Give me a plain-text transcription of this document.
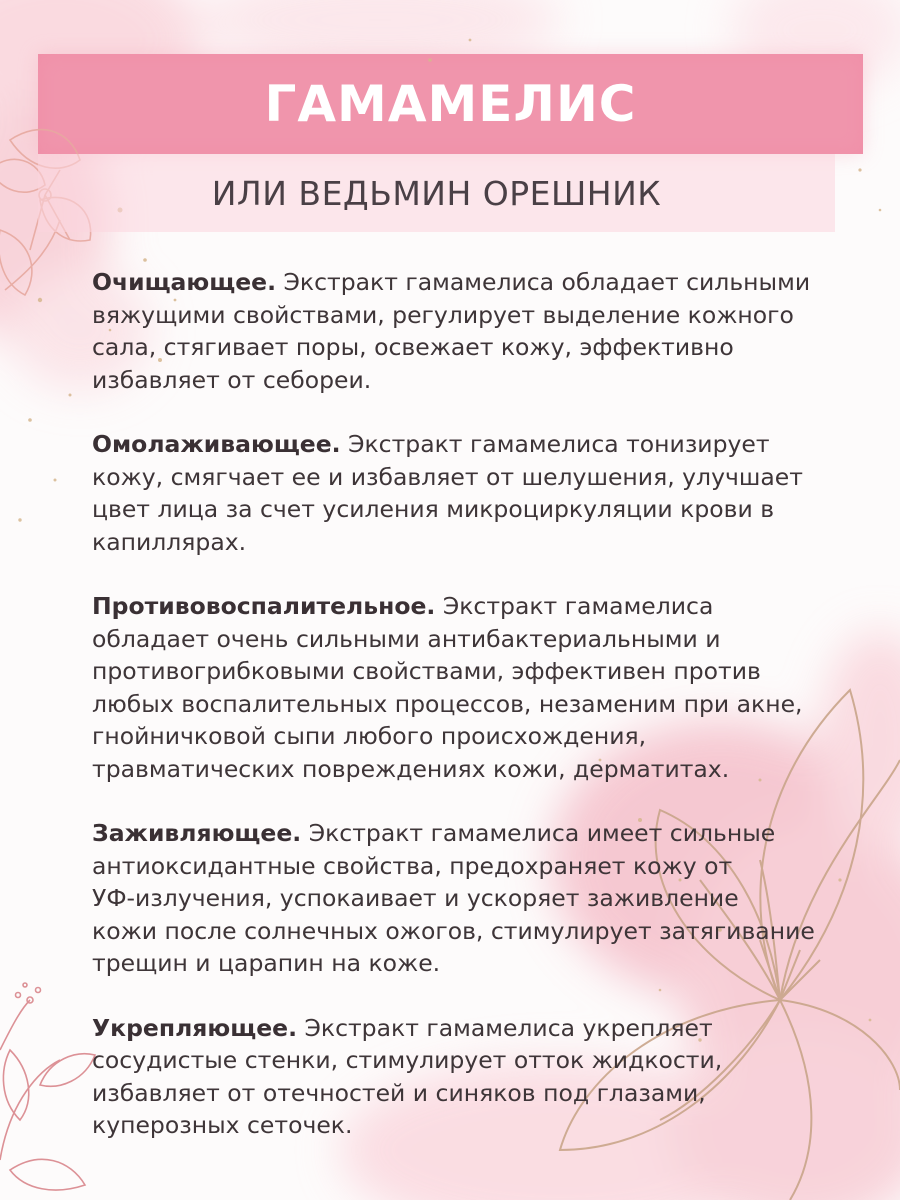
ГАМАМЕЛИС
ИЛИ ВЕДЬМИН ОРЕШНИК

Очищающее. Экстракт гамамелиса обладает сильными
вяжущими свойствами, регулирует выделение кожного
сала, стягивает поры, освежает кожу, эффективно
избавляет от себореи.

Омолаживающее. Экстракт гамамелиса тонизирует
кожу, смягчает ее и избавляет от шелушения, улучшает
цвет лица за счет усиления микроциркуляции крови в
капиллярах.

Противовоспалительное. Экстракт гамамелиса
обладает очень сильными антибактериальными и
противогрибковыми свойствами, эффективен против
любых воспалительных процессов, незаменим при акне,
гнойничковой сыпи любого происхождения,
травматических повреждениях кожи, дерматитах.

Заживляющее. Экстракт гамамелиса имеет сильные
антиоксидантные свойства, предохраняет кожу от
УФ-излучения, успокаивает и ускоряет заживление
кожи после солнечных ожогов, стимулирует затягивание
трещин и царапин на коже.

Укрепляющее. Экстракт гамамелиса укрепляет
сосудистые стенки, стимулирует отток жидкости,
избавляет от отечностей и синяков под глазами,
куперозных сеточек.
